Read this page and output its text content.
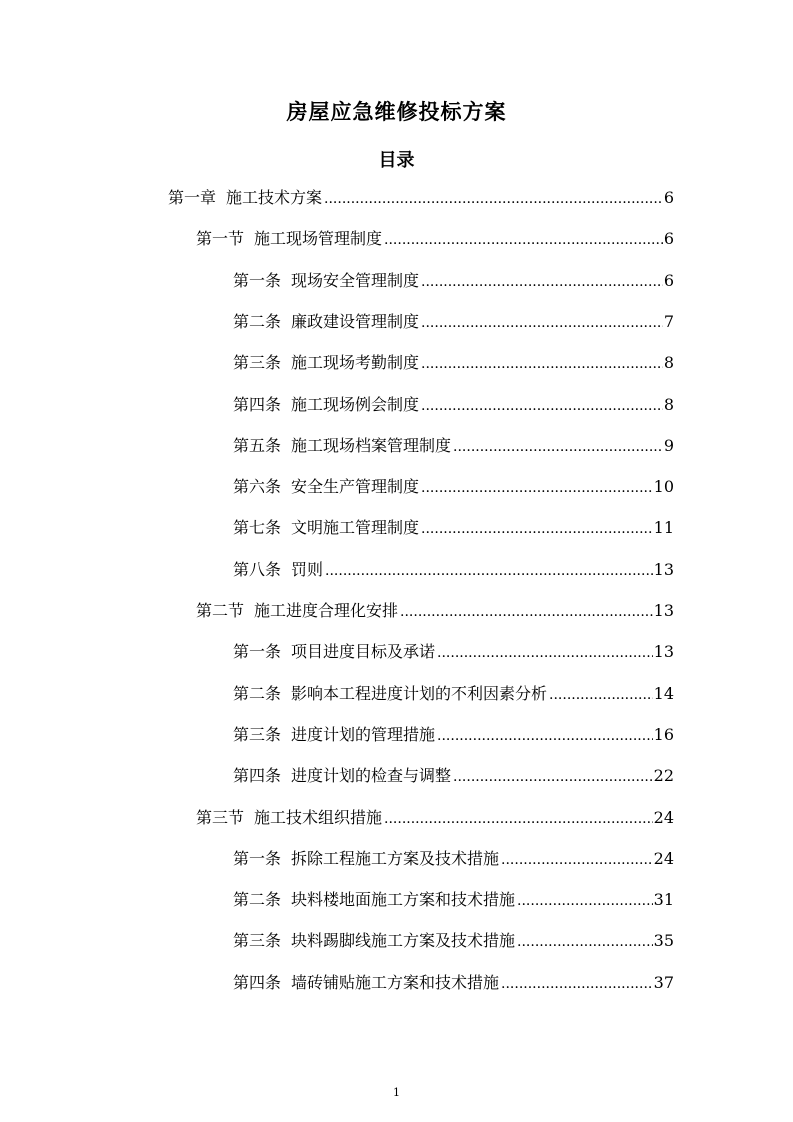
房屋应急维修投标方案
目录
第一章 施工技术方案 .....	6
第一节 施工现场管理制度 .....	6
第一条 现场安全管理制度 .....	6
第二条 廉政建设管理制度 .....	7
第三条 施工现场考勤制度 .....	8
第四条 施工现场例会制度 .....	8
第五条 施工现场档案管理制度 .....	9
第六条 安全生产管理制度 .....	10
第七条 文明施工管理制度 .....	11
第八条 罚则 .....	13
第二节 施工进度合理化安排 .....	13
第一条 项目进度目标及承诺 .....	13
第二条 影响本工程进度计划的不利因素分析 .....	14
第三条 进度计划的管理措施 .....	16
第四条 进度计划的检查与调整 .....	22
第三节 施工技术组织措施 .....	24
第一条 拆除工程施工方案及技术措施 .....	24
第二条 块料楼地面施工方案和技术措施 .....	31
第三条 块料踢脚线施工方案及技术措施 .....	35
第四条 墙砖铺贴施工方案和技术措施 .....	37
1
